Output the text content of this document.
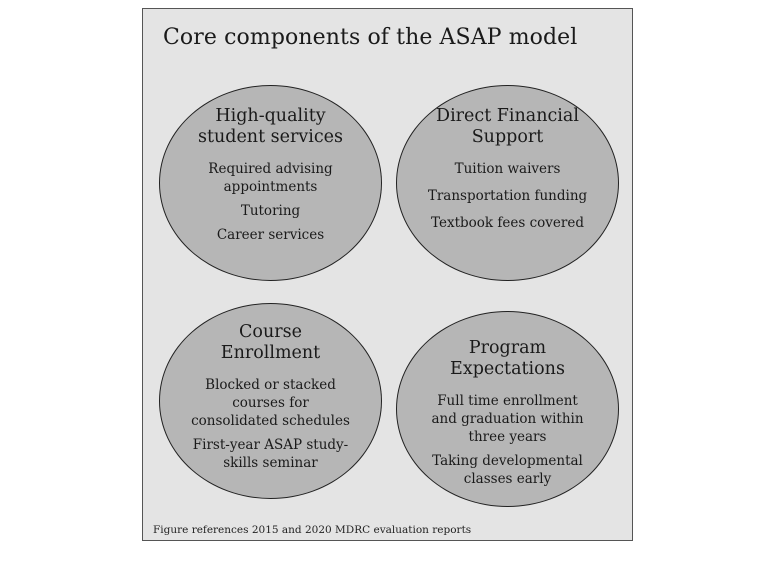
Core components of the ASAP model
High-quality student services
Required advising appointments
Tutoring
Career services
Direct Financial Support
Tuition waivers
Transportation funding
Textbook fees covered
Course Enrollment
Blocked or stacked courses for consolidated schedules
First-year ASAP study-skills seminar
Program Expectations
Full time enrollment and graduation within three years
Taking developmental classes early
Figure references 2015 and 2020 MDRC evaluation reports
